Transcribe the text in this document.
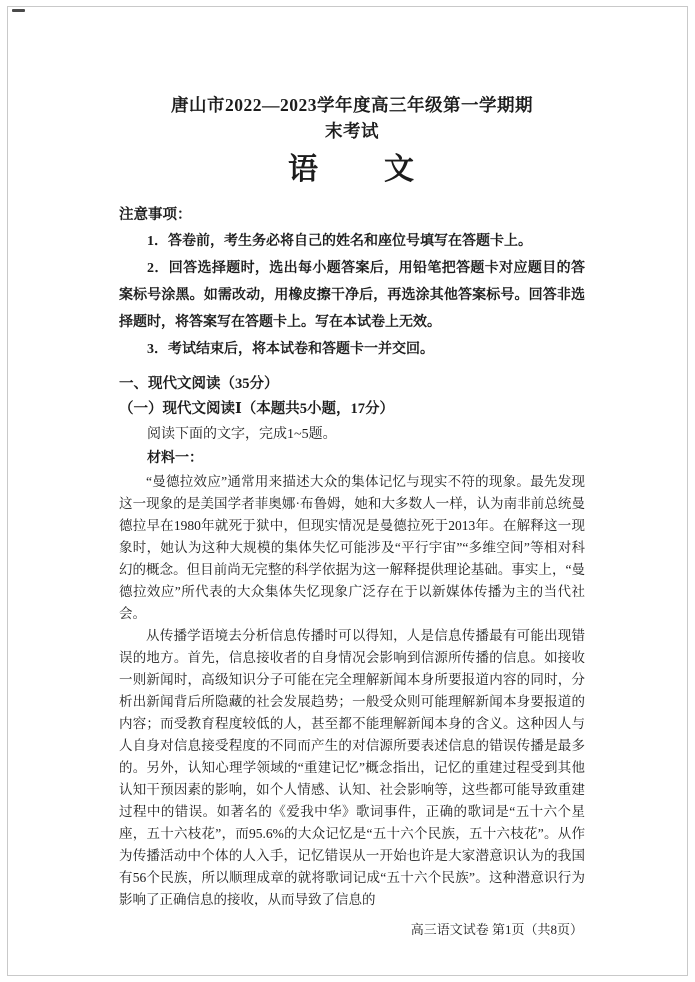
唐山市2022—2023学年度高三年级第一学期期
末考试
语　　文
注意事项：

1．答卷前，考生务必将自己的姓名和座位号填写在答题卡上。

2．回答选择题时，选出每小题答案后，用铅笔把答题卡对应题目的答案标号涂黑。如需改动，用橡皮擦干净后，再选涂其他答案标号。回答非选择题时，将答案写在答题卡上。写在本试卷上无效。

3．考试结束后，将本试卷和答题卡一并交回。

一、现代文阅读（35分）
（一）现代文阅读Ⅰ（本题共5小题，17分）

阅读下面的文字，完成1~5题。

材料一：

“曼德拉效应”通常用来描述大众的集体记忆与现实不符的现象。最先发现这一现象的是美国学者菲奥娜·布鲁姆，她和大多数人一样，认为南非前总统曼德拉早在1980年就死于狱中，但现实情况是曼德拉死于2013年。在解释这一现象时，她认为这种大规模的集体失忆可能涉及“平行宇宙”“多维空间”等相对科幻的概念。但目前尚无完整的科学依据为这一解释提供理论基础。事实上，“曼德拉效应”所代表的大众集体失忆现象广泛存在于以新媒体传播为主的当代社会。

从传播学语境去分析信息传播时可以得知，人是信息传播最有可能出现错误的地方。首先，信息接收者的自身情况会影响到信源所传播的信息。如接收一则新闻时，高级知识分子可能在完全理解新闻本身所要报道内容的同时，分析出新闻背后所隐藏的社会发展趋势；一般受众则可能理解新闻本身要报道的内容；而受教育程度较低的人，甚至都不能理解新闻本身的含义。这种因人与人自身对信息接受程度的不同而产生的对信源所要表述信息的错误传播是最多的。另外，认知心理学领域的“重建记忆”概念指出，记忆的重建过程受到其他认知干预因素的影响，如个人情感、认知、社会影响等，这些都可能导致重建过程中的错误。如著名的《爱我中华》歌词事件，正确的歌词是“五十六个星座，五十六枝花”，而95.6%的大众记忆是“五十六个民族，五十六枝花”。从作为传播活动中个体的人入手，记忆错误从一开始也许是大家潜意识认为的我国有56个民族，所以顺理成章的就将歌词记成“五十六个民族”。这种潜意识行为影响了正确信息的接收，从而导致了信息的

高三语文试卷 第1页（共8页）
